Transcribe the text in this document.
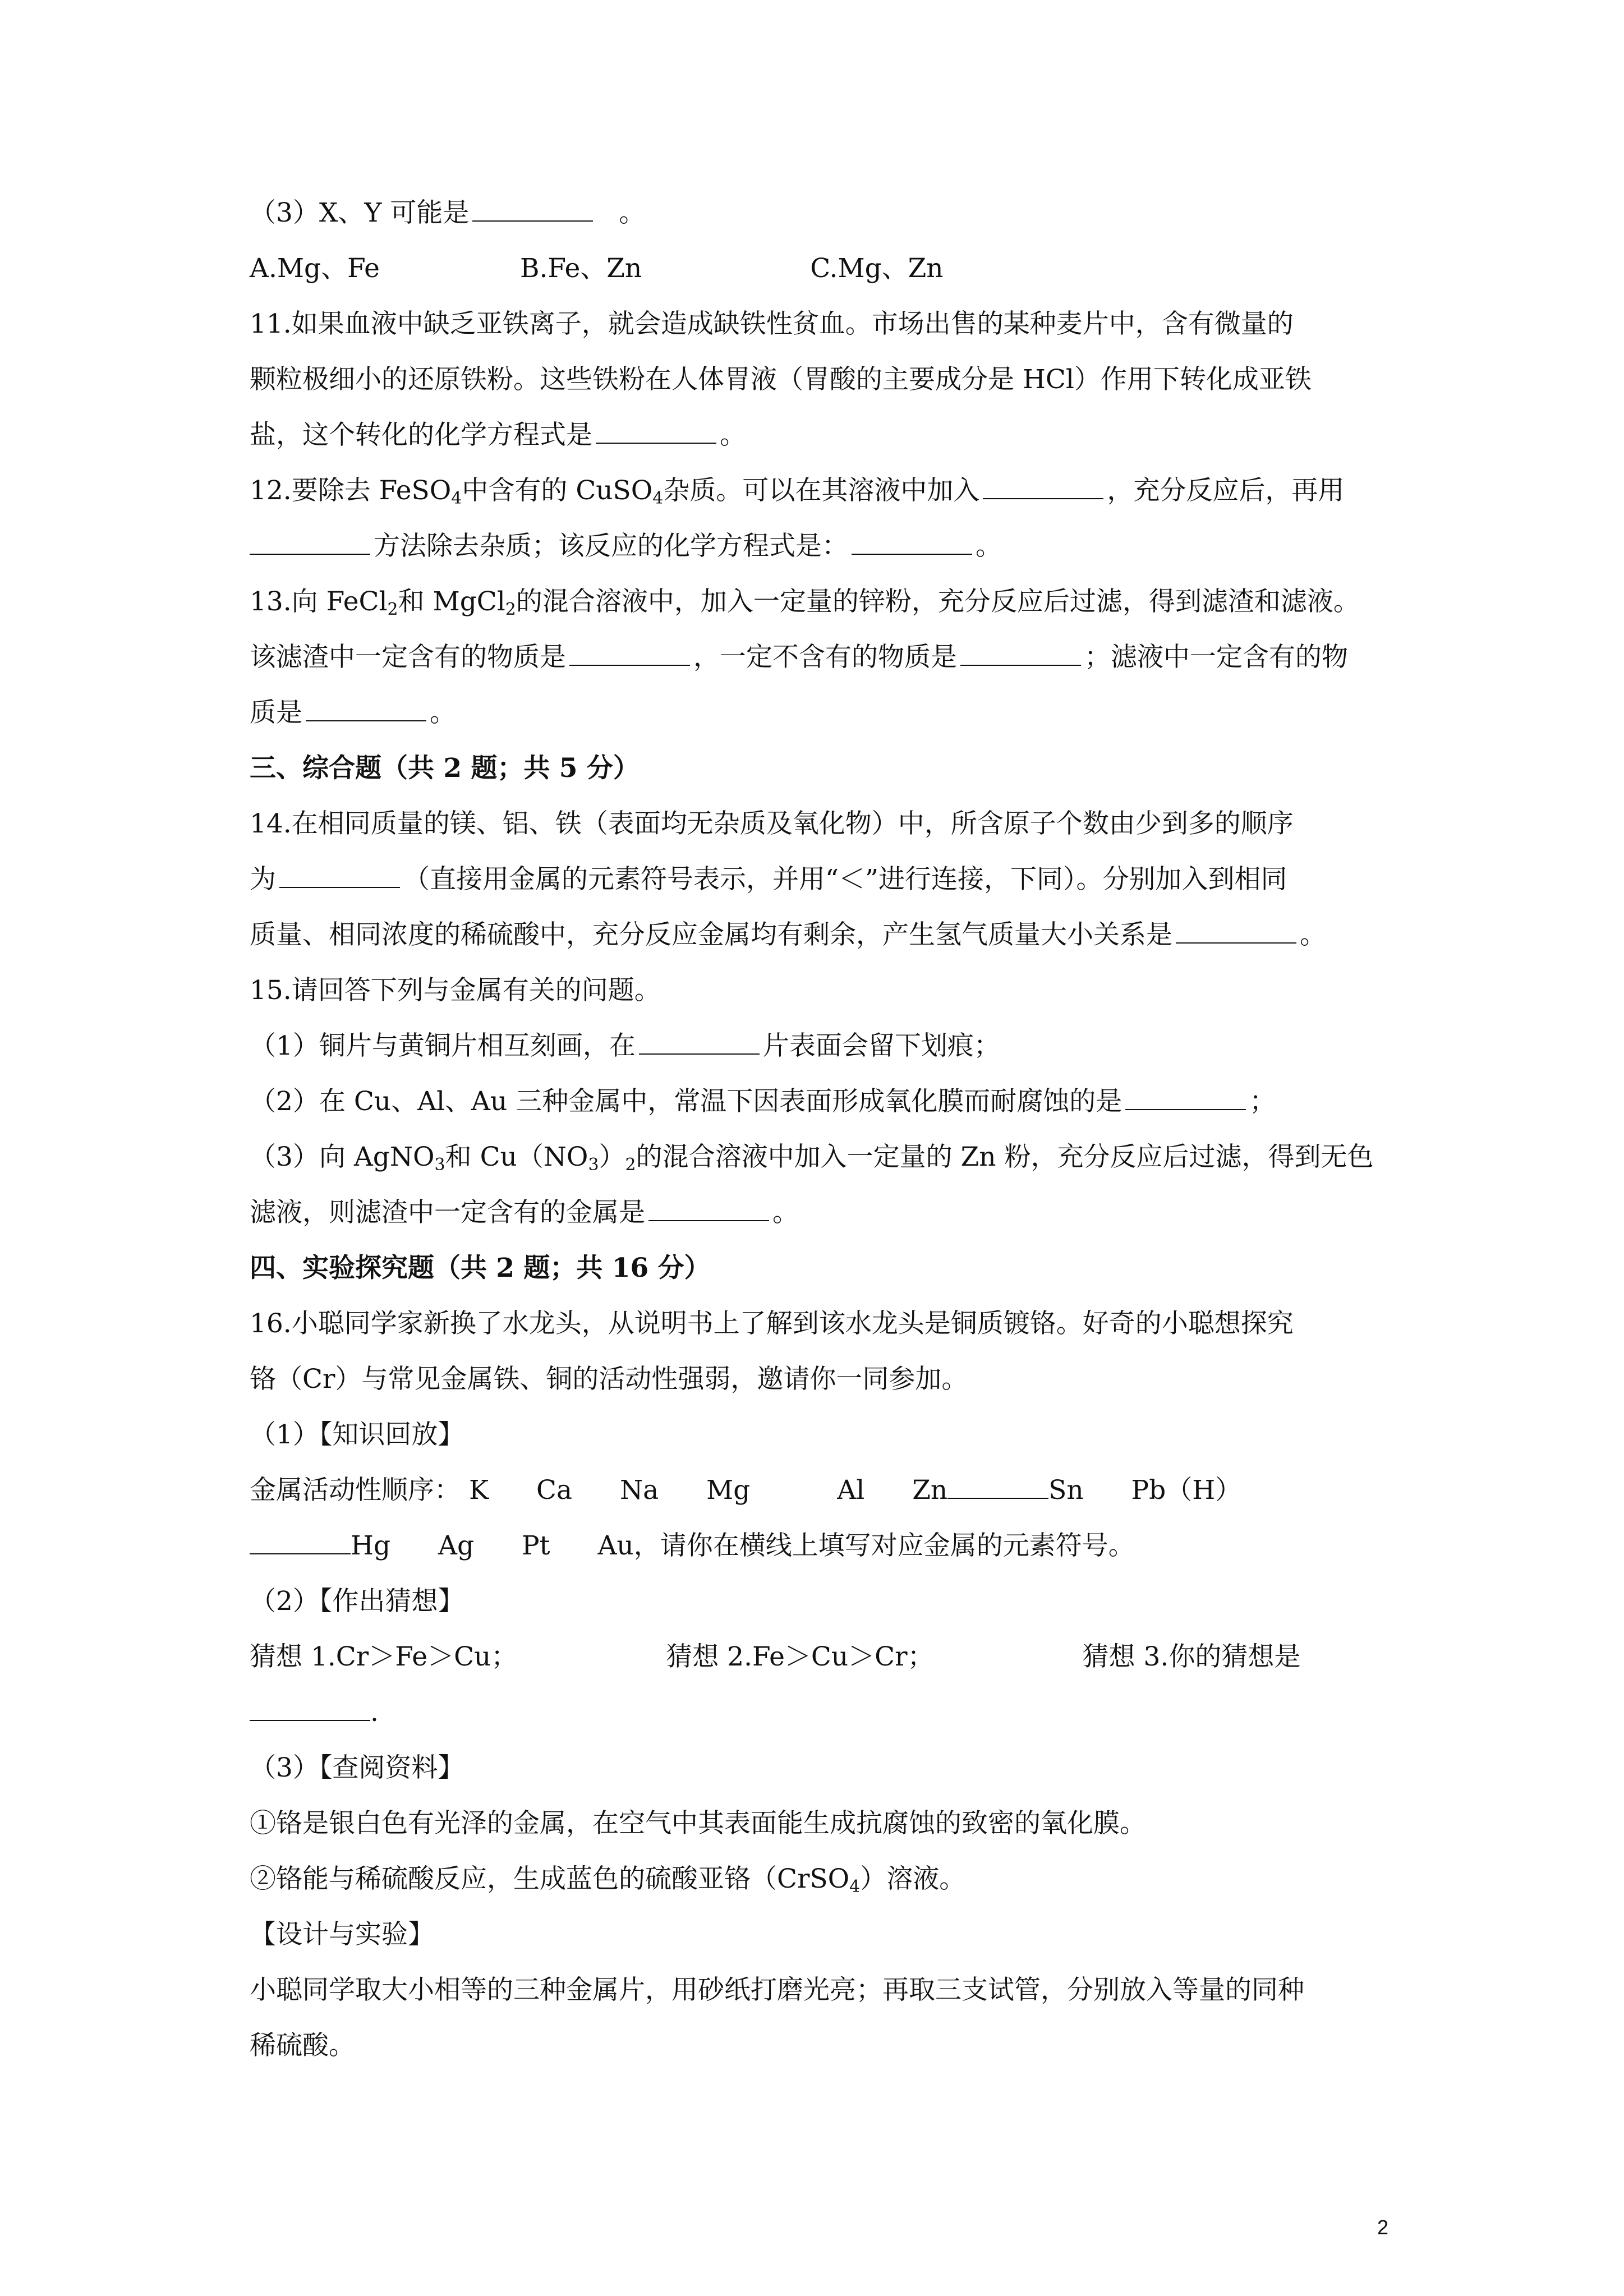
（3）X、Y 可能是	。
A.Mg、Fe	B.Fe、Zn	C.Mg、Zn
11.如果血液中缺乏亚铁离子，就会造成缺铁性贫血。市场出售的某种麦片中，含有微量的
颗粒极细小的还原铁粉。这些铁粉在人体胃液（胃酸的主要成分是 HCl）作用下转化成亚铁
盐，这个转化的化学方程式是	。
12.要除去 FeSO$_4$中含有的 CuSO$_4$杂质。可以在其溶液中加入	，充分反应后，再用
方法除去杂质；该反应的化学方程式是：	。
13.向 FeCl$_2$和 MgCl$_2$的混合溶液中，加入一定量的锌粉，充分反应后过滤，得到滤渣和滤液。
该滤渣中一定含有的物质是	，一定不含有的物质是	；滤液中一定含有的物
质是	。
三、综合题（共 2 题；共 5 分）
14.在相同质量的镁、铝、铁（表面均无杂质及氧化物）中，所含原子个数由少到多的顺序
为	（直接用金属的元素符号表示，并用“＜”进行连接，下同）。分别加入到相同
质量、相同浓度的稀硫酸中，充分反应金属均有剩余，产生氢气质量大小关系是	。
15.请回答下列与金属有关的问题。
（1）铜片与黄铜片相互刻画，在	片表面会留下划痕；
（2）在 Cu、Al、Au 三种金属中，常温下因表面形成氧化膜而耐腐蚀的是	；
（3）向 AgNO$_3$和 $Cu(NO_3)_2$的混合溶液中加入一定量的 Zn 粉，充分反应后过滤，得到无色
滤液，则滤渣中一定含有的金属是	。
四、实验探究题（共 2 题；共 16 分）
16.小聪同学家新换了水龙头，从说明书上了解到该水龙头是铜质镀铬。好奇的小聪想探究
铬（Cr）与常见金属铁、铜的活动性强弱，邀请你一同参加。
（1）【知识回放】
金属活动性顺序： K Ca Na Mg	Al Zn	Sn Pb（H）
Hg Ag Pt Au，请你在横线上填写对应金属的元素符号。
（2）【作出猜想】
猜想 1.Cr＞Fe＞Cu；	猜想 2.Fe＞Cu＞Cr；	猜想 3.你的猜想是
.
（3）【查阅资料】
①铬是银白色有光泽的金属，在空气中其表面能生成抗腐蚀的致密的氧化膜。
②铬能与稀硫酸反应，生成蓝色的硫酸亚铬（CrSO$_4$）溶液。
【设计与实验】
小聪同学取大小相等的三种金属片，用砂纸打磨光亮；再取三支试管，分别放入等量的同种
稀硫酸。
2
